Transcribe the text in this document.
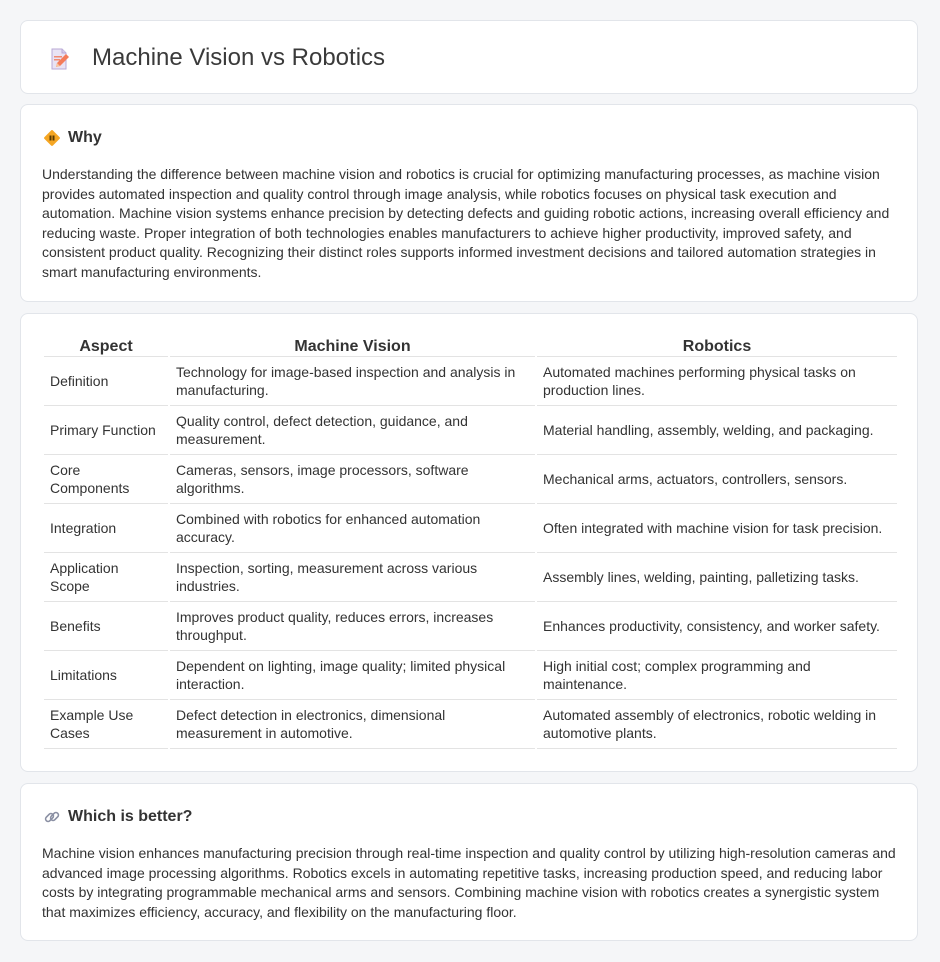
Machine Vision vs Robotics
Why

Understanding the difference between machine vision and robotics is crucial for optimizing manufacturing processes, as machine vision provides automated inspection and quality control through image analysis, while robotics focuses on physical task execution and automation. Machine vision systems enhance precision by detecting defects and guiding robotic actions, increasing overall efficiency and reducing waste. Proper integration of both technologies enables manufacturers to achieve higher productivity, improved safety, and consistent product quality. Recognizing their distinct roles supports informed investment decisions and tailored automation strategies in smart manufacturing environments.

Aspect	Machine Vision	Robotics
Definition	Technology for image-based inspection and analysis in manufacturing.	Automated machines performing physical tasks on production lines.
Primary Function	Quality control, defect detection, guidance, and measurement.	Material handling, assembly, welding, and packaging.
Core Components	Cameras, sensors, image processors, software algorithms.	Mechanical arms, actuators, controllers, sensors.
Integration	Combined with robotics for enhanced automation accuracy.	Often integrated with machine vision for task precision.
Application Scope	Inspection, sorting, measurement across various industries.	Assembly lines, welding, painting, palletizing tasks.
Benefits	Improves product quality, reduces errors, increases throughput.	Enhances productivity, consistency, and worker safety.
Limitations	Dependent on lighting, image quality; limited physical interaction.	High initial cost; complex programming and maintenance.
Example Use Cases	Defect detection in electronics, dimensional measurement in automotive.	Automated assembly of electronics, robotic welding in automotive plants.
Which is better?

Machine vision enhances manufacturing precision through real-time inspection and quality control by utilizing high-resolution cameras and advanced image processing algorithms. Robotics excels in automating repetitive tasks, increasing production speed, and reducing labor costs by integrating programmable mechanical arms and sensors. Combining machine vision with robotics creates a synergistic system that maximizes efficiency, accuracy, and flexibility on the manufacturing floor.
